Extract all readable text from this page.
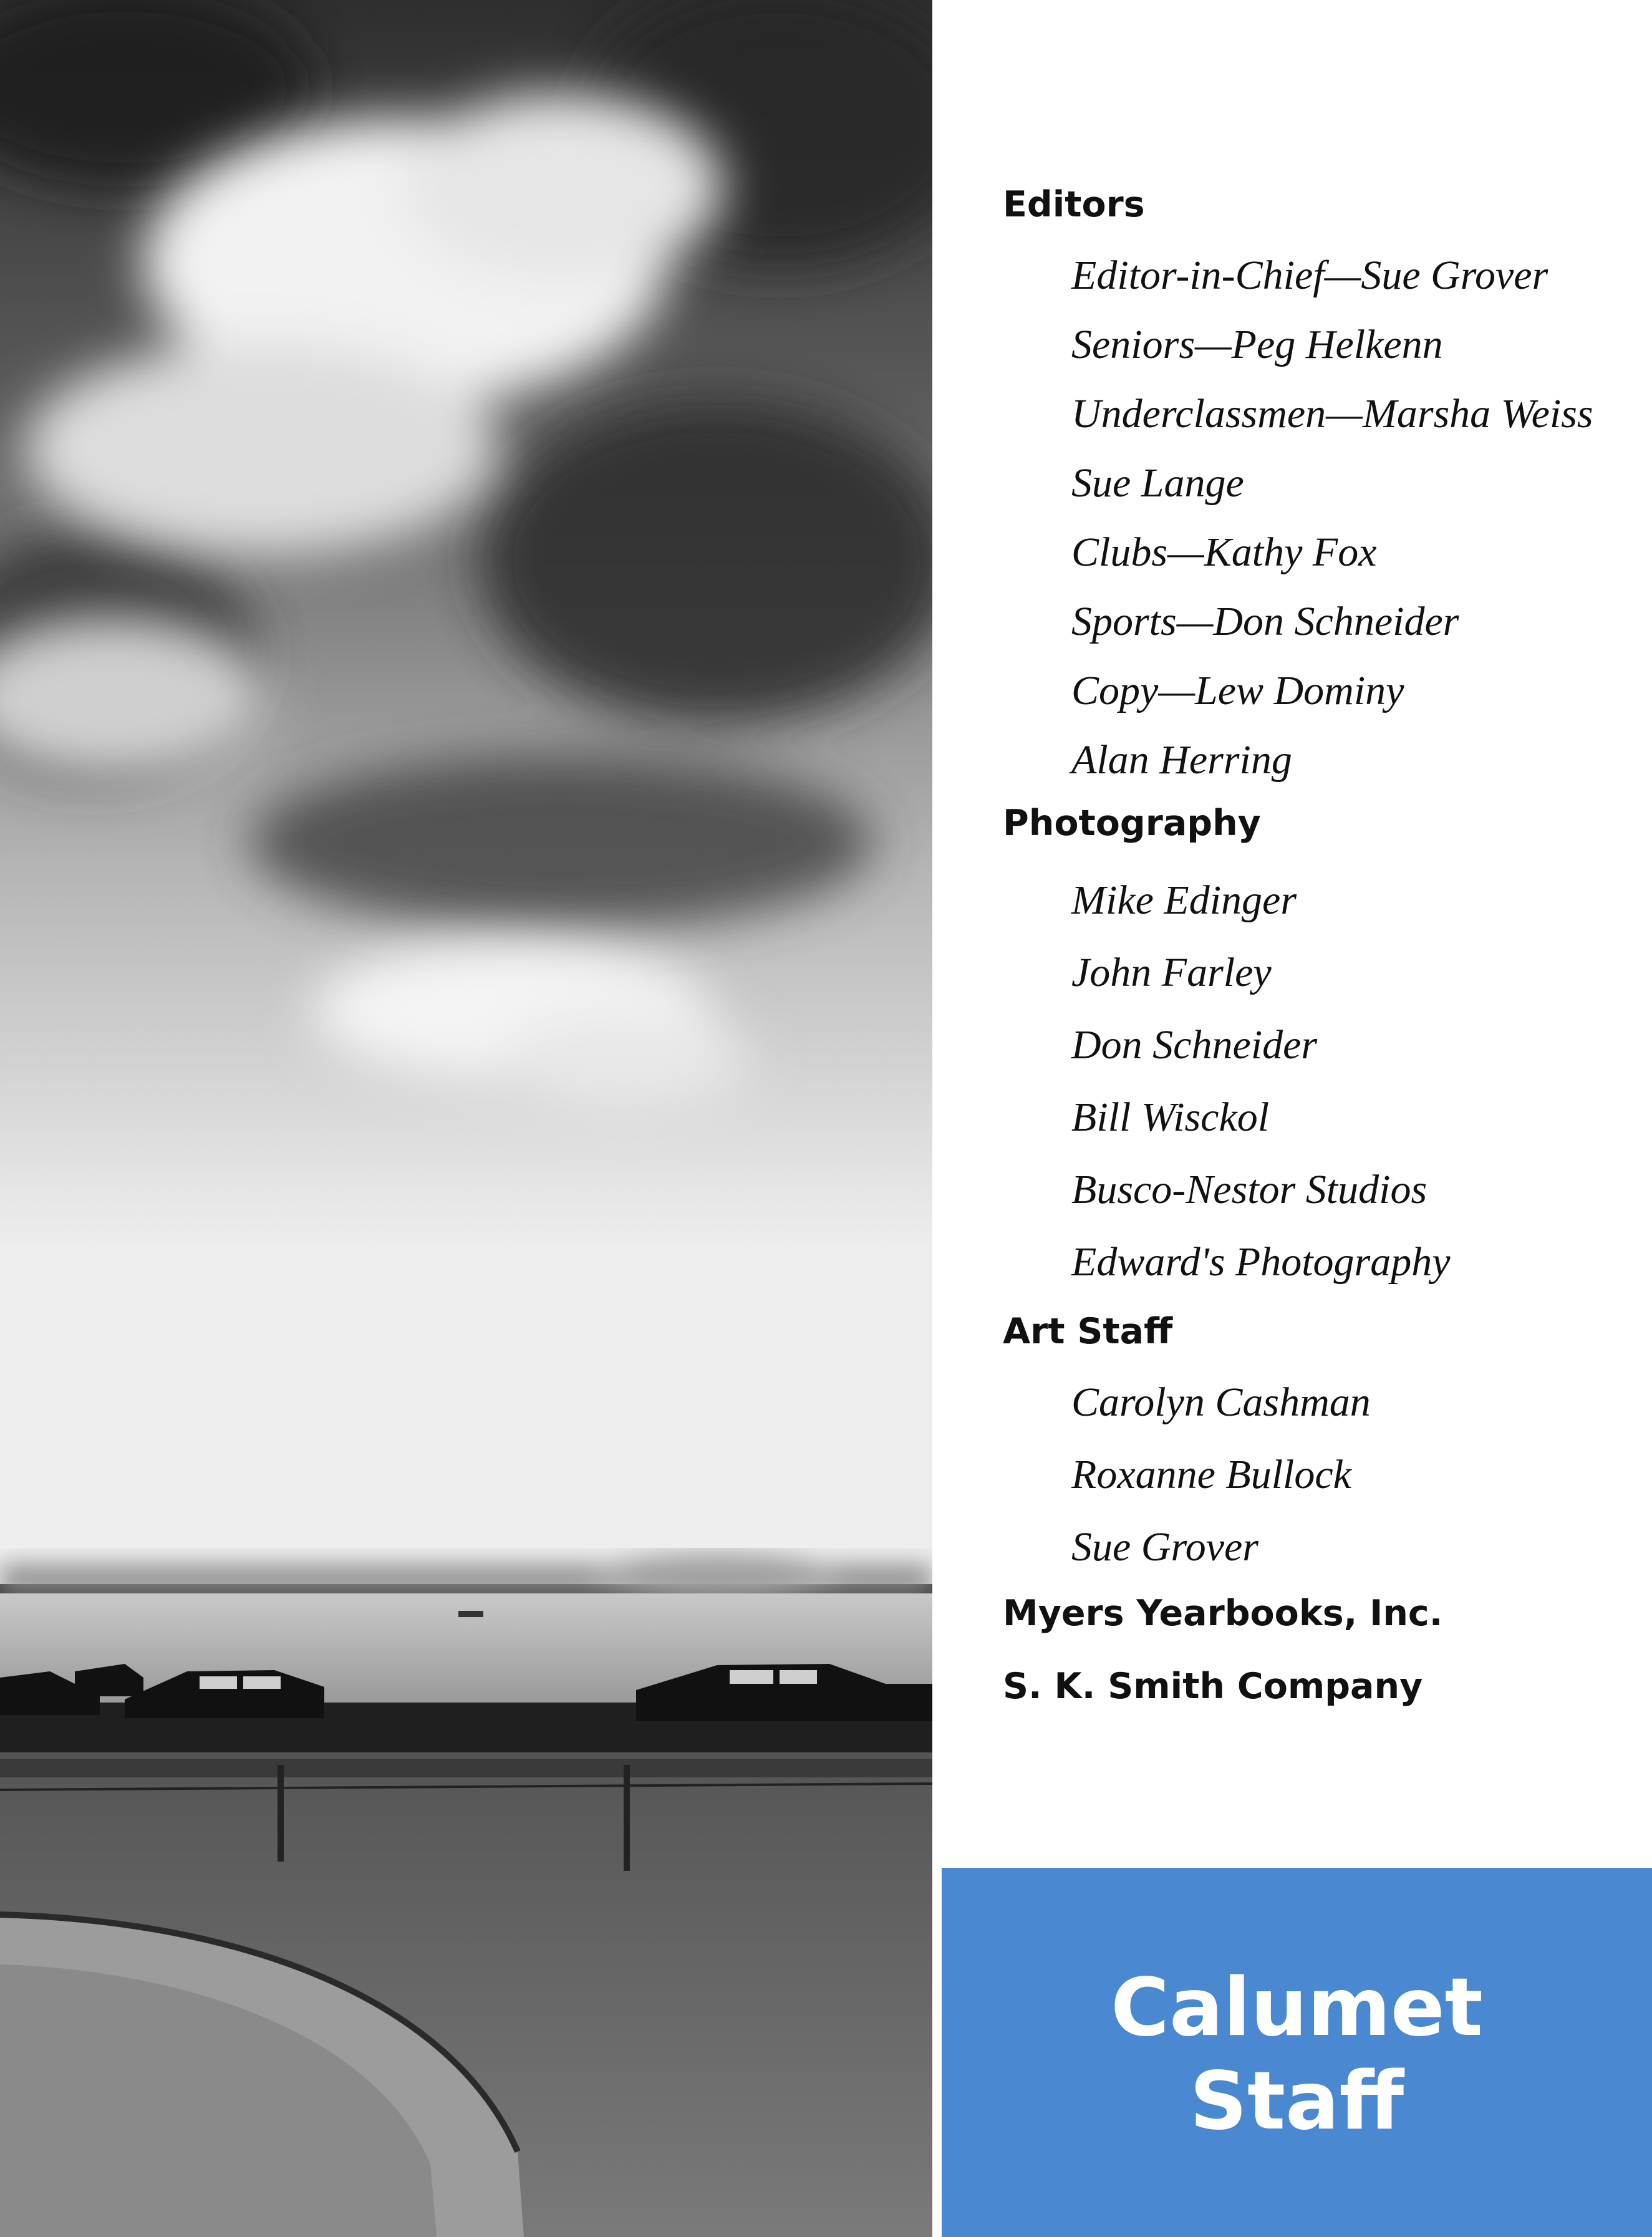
Editors
Editor-in-Chief—Sue Grover
Seniors—Peg Helkenn
Underclassmen—Marsha Weiss
Sue Lange
Clubs—Kathy Fox
Sports—Don Schneider
Copy—Lew Dominy
Alan Herring
Photography
Mike Edinger
John Farley
Don Schneider
Bill Wisckol
Busco-Nestor Studios
Edward's Photography
Art Staff
Carolyn Cashman
Roxanne Bullock
Sue Grover
Myers Yearbooks, Inc.
S. K. Smith Company
Calumet
Staff
